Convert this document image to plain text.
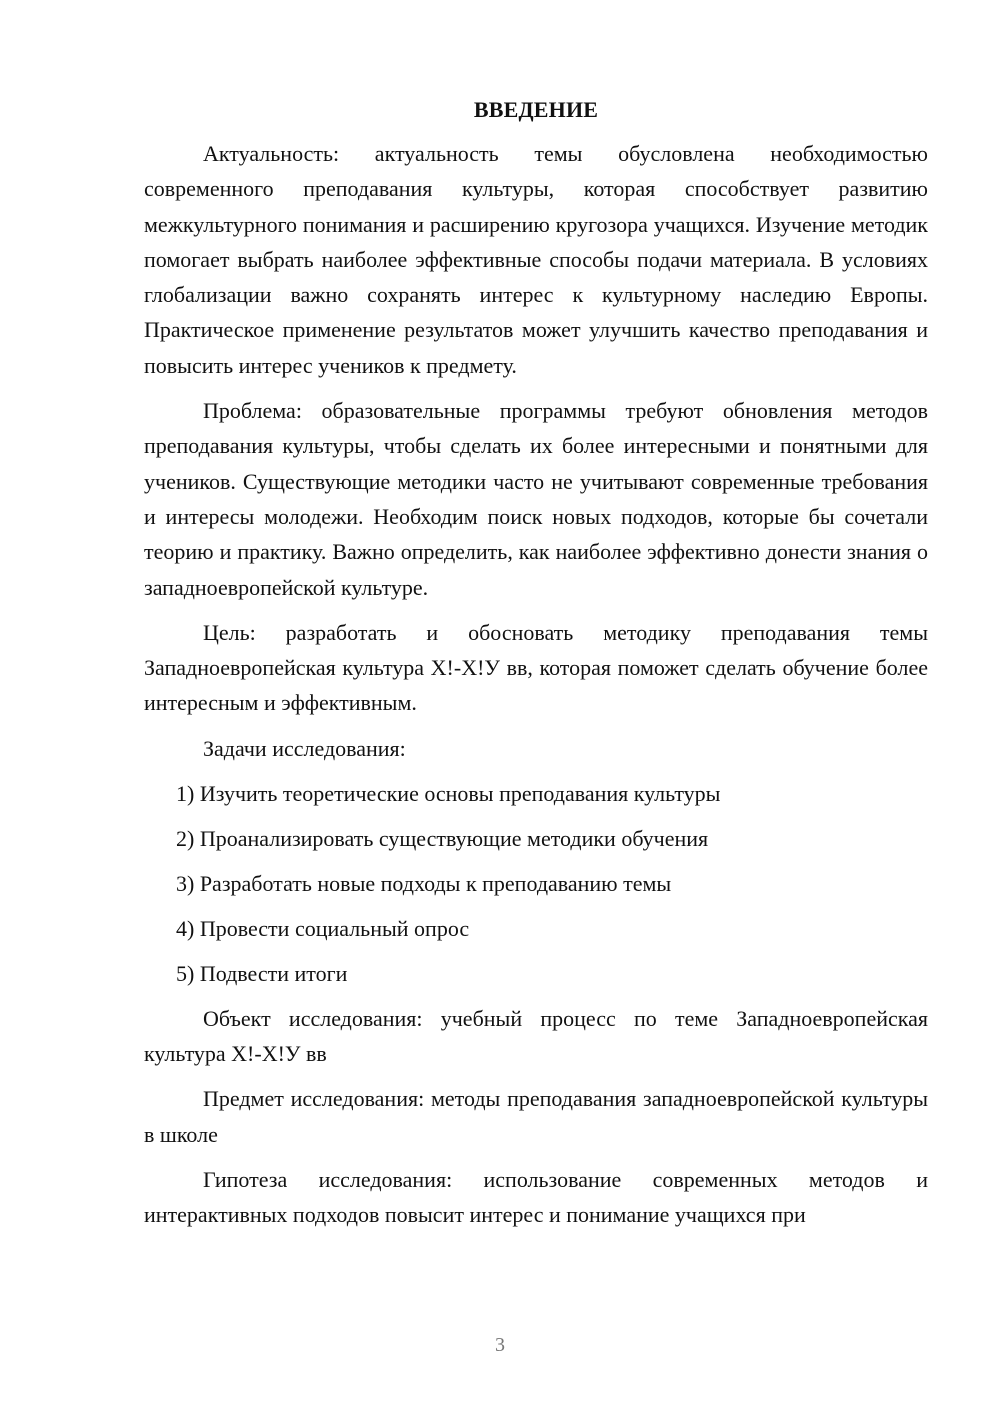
ВВЕДЕНИЕ

Актуальность: актуальность темы обусловлена необходимостью современного преподавания культуры, которая способствует развитию межкультурного понимания и расширению кругозора учащихся. Изучение методик помогает выбрать наиболее эффективные способы подачи материала. В условиях глобализации важно сохранять интерес к культурному наследию Европы. Практическое применение результатов может улучшить качество преподавания и повысить интерес учеников к предмету.

Проблема: образовательные программы требуют обновления методов преподавания культуры, чтобы сделать их более интересными и понятными для учеников. Существующие методики часто не учитывают современные требования и интересы молодежи. Необходим поиск новых подходов, которые бы сочетали теорию и практику. Важно определить, как наиболее эффективно донести знания о западноевропейской культуре.

Цель: разработать и обосновать методику преподавания темы Западноевропейская культура Х!-Х!У вв, которая поможет сделать обучение более интересным и эффективным.

Задачи исследования:
1) Изучить теоретические основы преподавания культуры
2) Проанализировать существующие методики обучения
3) Разработать новые подходы к преподаванию темы
4) Провести социальный опрос
5) Подвести итоги

Объект исследования: учебный процесс по теме Западноевропейская культура Х!-Х!У вв

Предмет исследования: методы преподавания западноевропейской культуры в школе

Гипотеза исследования: использование современных методов и интерактивных подходов повысит интерес и понимание учащихся при

3
